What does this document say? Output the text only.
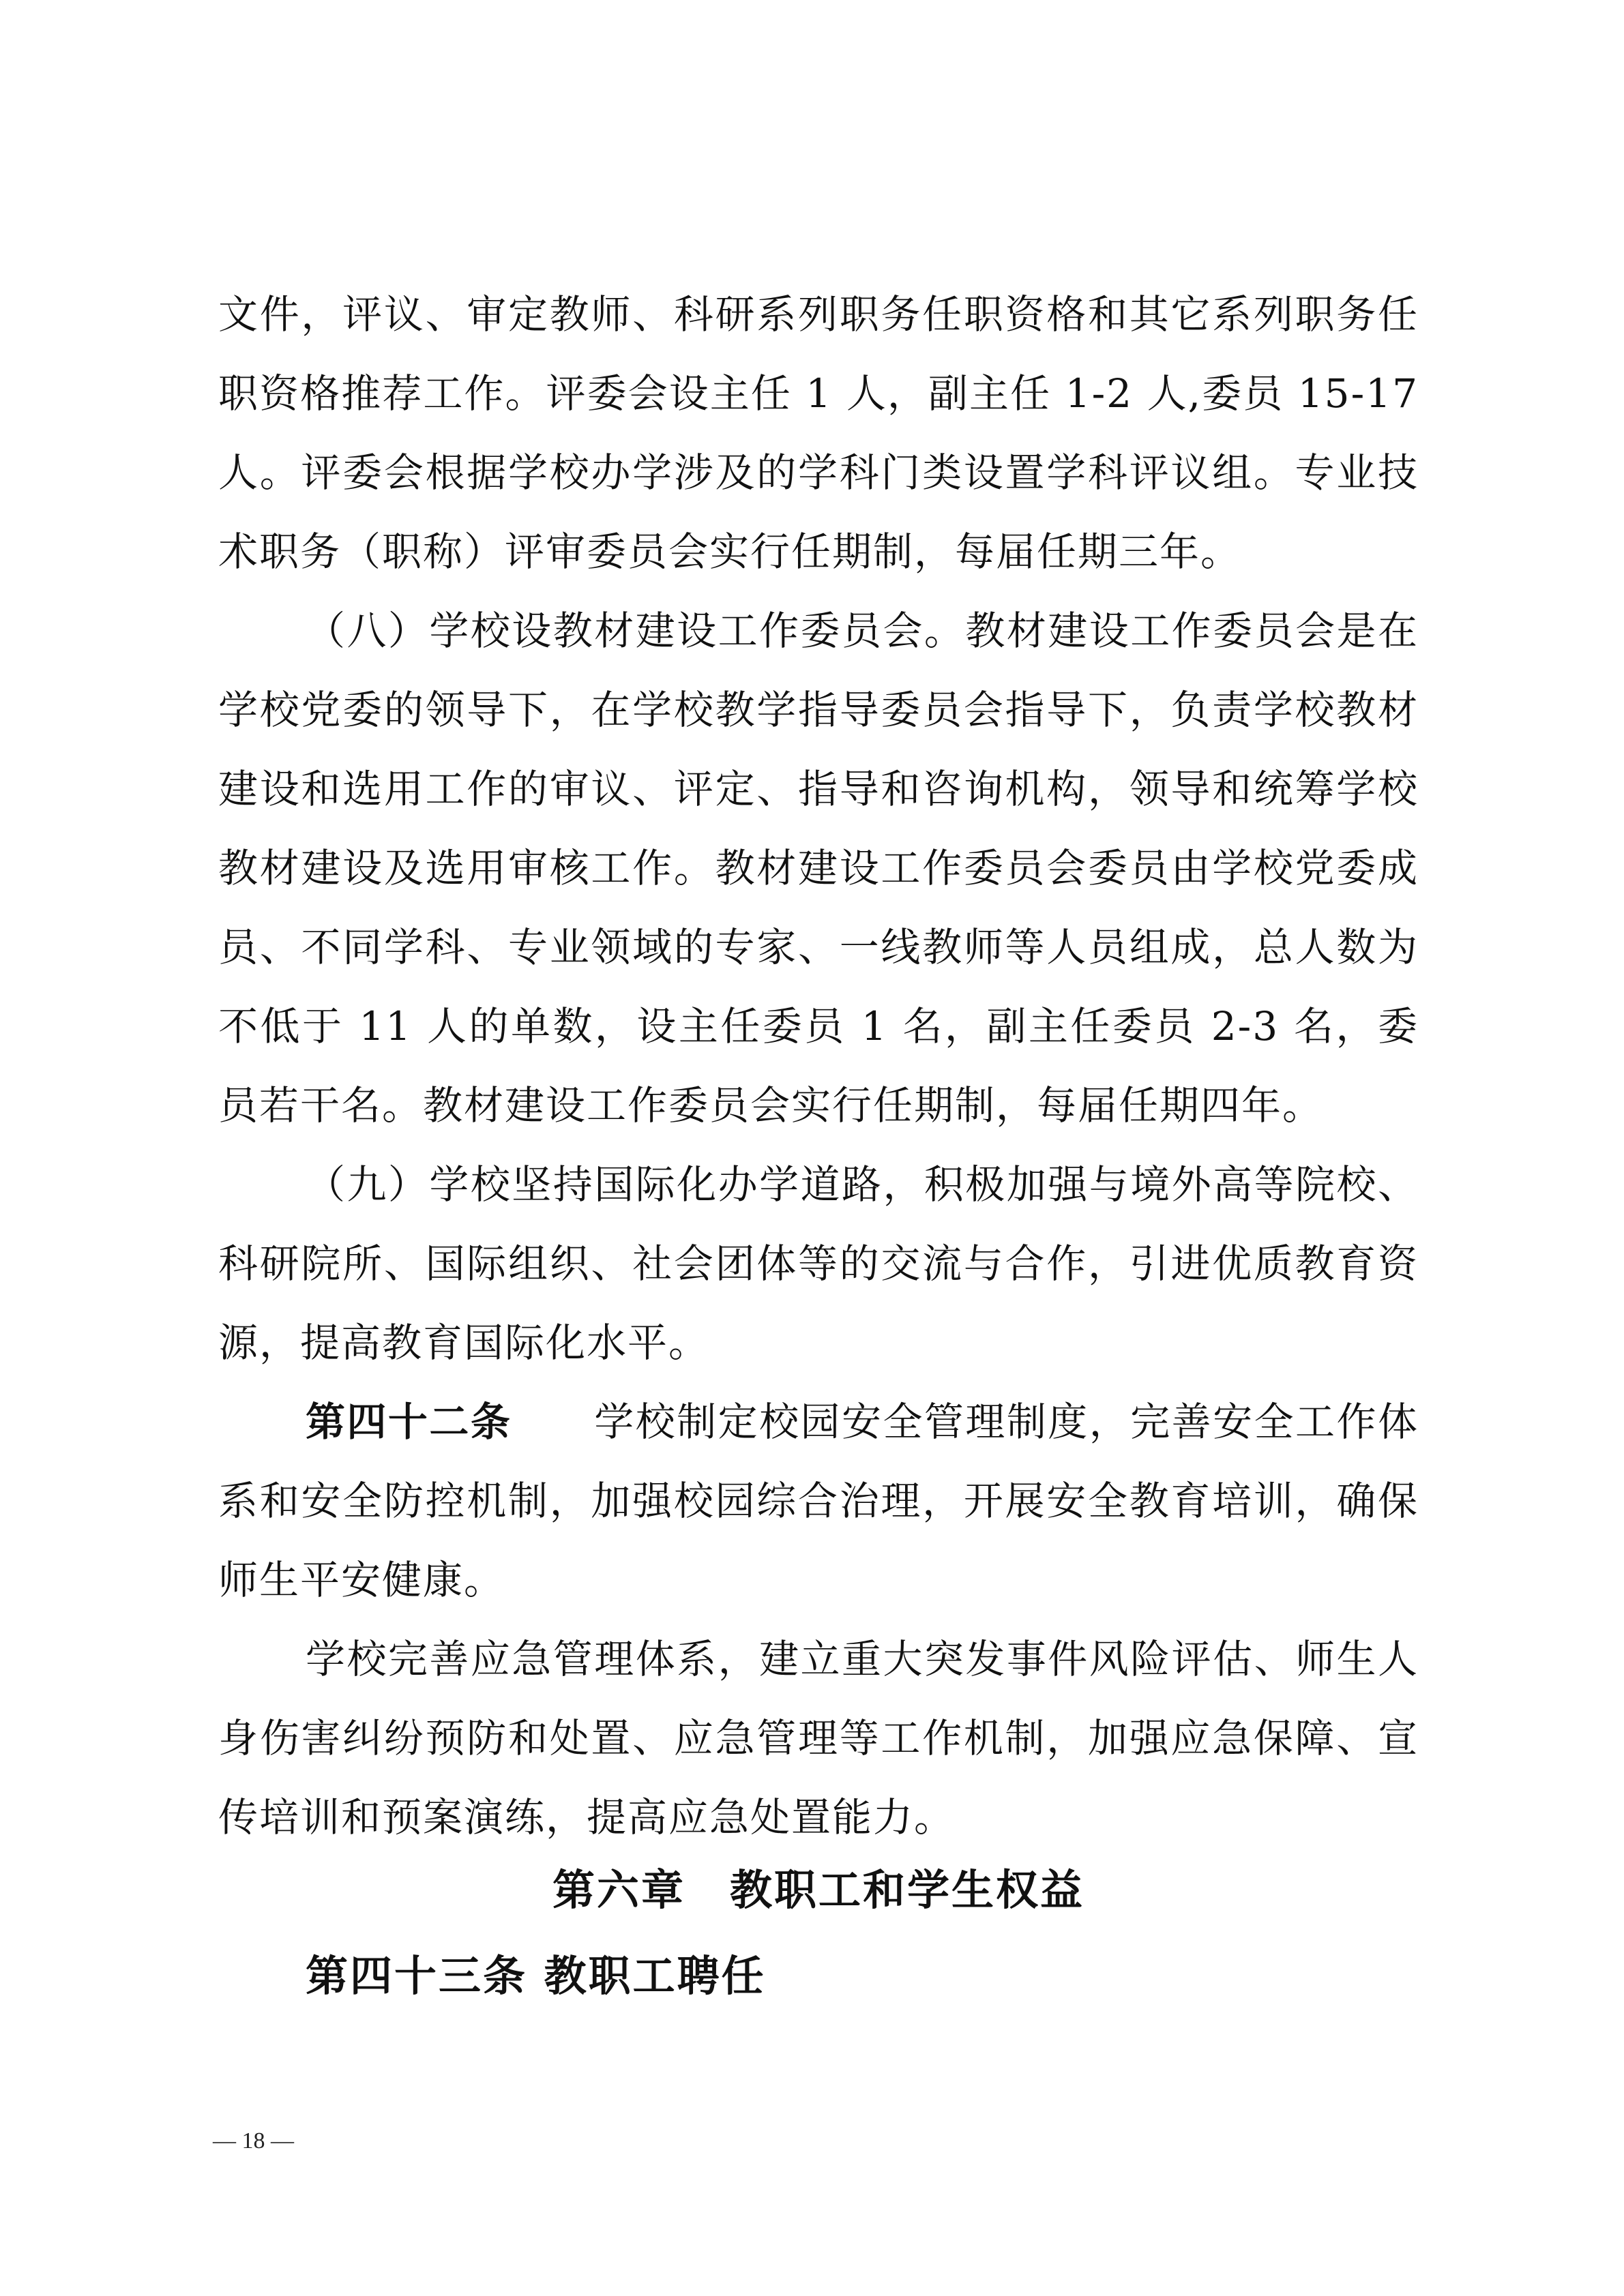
文件，评议、审定教师、科研系列职务任职资格和其它系列职务任职资格推荐工作。评委会设主任 1 人，副主任 1-2 人,委员 15-17 人。评委会根据学校办学涉及的学科门类设置学科评议组。专业技术职务（职称）评审委员会实行任期制，每届任期三年。

（八）学校设教材建设工作委员会。教材建设工作委员会是在学校党委的领导下，在学校教学指导委员会指导下，负责学校教材建设和选用工作的审议、评定、指导和咨询机构，领导和统筹学校教材建设及选用审核工作。教材建设工作委员会委员由学校党委成员、不同学科、专业领域的专家、一线教师等人员组成，总人数为不低于 11 人的单数，设主任委员 1 名，副主任委员 2-3 名，委员若干名。教材建设工作委员会实行任期制，每届任期四年。

（九）学校坚持国际化办学道路，积极加强与境外高等院校、科研院所、国际组织、社会团体等的交流与合作，引进优质教育资源，提高教育国际化水平。

第四十二条　　 学校制定校园安全管理制度，完善安全工作体系和安全防控机制，加强校园综合治理，开展安全教育培训，确保师生平安健康。

学校完善应急管理体系，建立重大突发事件风险评估、师生人身伤害纠纷预防和处置、应急管理等工作机制，加强应急保障、宣传培训和预案演练，提高应急处置能力。

第六章　教职工和学生权益
第四十三条 教职工聘任
— 18 —
